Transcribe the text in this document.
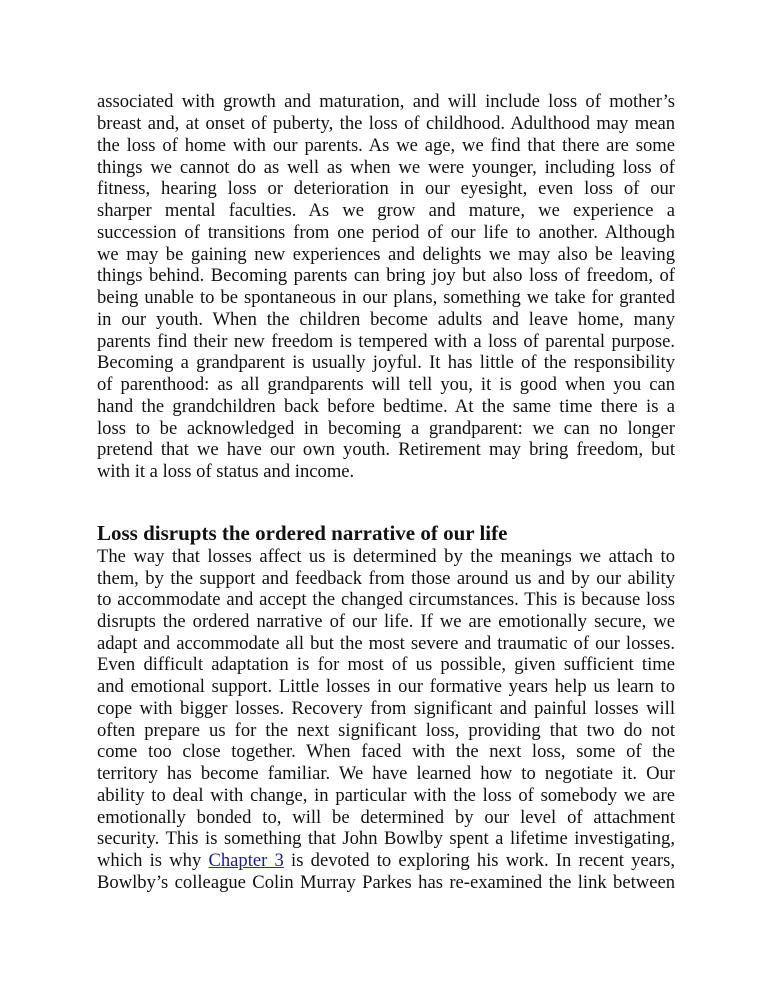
associated with growth and maturation, and will include loss of mother’s
breast and, at onset of puberty, the loss of childhood. Adulthood may mean
the loss of home with our parents. As we age, we find that there are some
things we cannot do as well as when we were younger, including loss of
fitness, hearing loss or deterioration in our eyesight, even loss of our
sharper mental faculties. As we grow and mature, we experience a
succession of transitions from one period of our life to another. Although
we may be gaining new experiences and delights we may also be leaving
things behind. Becoming parents can bring joy but also loss of freedom, of
being unable to be spontaneous in our plans, something we take for granted
in our youth. When the children become adults and leave home, many
parents find their new freedom is tempered with a loss of parental purpose.
Becoming a grandparent is usually joyful. It has little of the responsibility
of parenthood: as all grandparents will tell you, it is good when you can
hand the grandchildren back before bedtime. At the same time there is a
loss to be acknowledged in becoming a grandparent: we can no longer
pretend that we have our own youth. Retirement may bring freedom, but
with it a loss of status and income.
Loss disrupts the ordered narrative of our life
The way that losses affect us is determined by the meanings we attach to
them, by the support and feedback from those around us and by our ability
to accommodate and accept the changed circumstances. This is because loss
disrupts the ordered narrative of our life. If we are emotionally secure, we
adapt and accommodate all but the most severe and traumatic of our losses.
Even difficult adaptation is for most of us possible, given sufficient time
and emotional support. Little losses in our formative years help us learn to
cope with bigger losses. Recovery from significant and painful losses will
often prepare us for the next significant loss, providing that two do not
come too close together. When faced with the next loss, some of the
territory has become familiar. We have learned how to negotiate it. Our
ability to deal with change, in particular with the loss of somebody we are
emotionally bonded to, will be determined by our level of attachment
security. This is something that John Bowlby spent a lifetime investigating,
which is why Chapter 3 is devoted to exploring his work. In recent years,
Bowlby’s colleague Colin Murray Parkes has re-examined the link between
